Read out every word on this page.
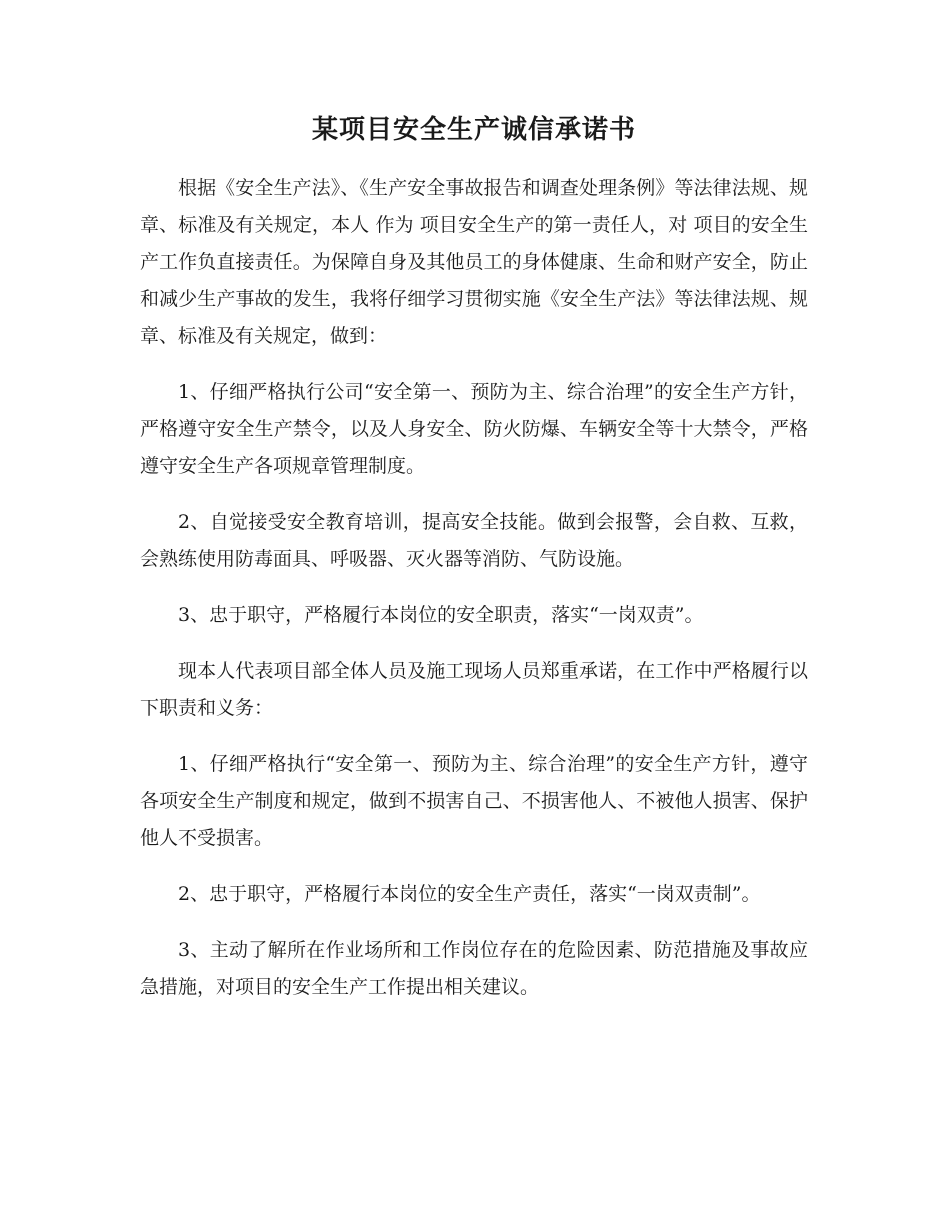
某项目安全生产诚信承诺书

根据《安全生产法》、《生产安全事故报告和调查处理条例》等法律法规、规章、标准及有关规定，本人 作为 项目安全生产的第一责任人，对 项目的安全生产工作负直接责任。为保障自身及其他员工的身体健康、生命和财产安全，防止和减少生产事故的发生，我将仔细学习贯彻实施《安全生产法》等法律法规、规章、标准及有关规定，做到：

1、仔细严格执行公司“安全第一、预防为主、综合治理”的安全生产方针，严格遵守安全生产禁令，以及人身安全、防火防爆、车辆安全等十大禁令，严格遵守安全生产各项规章管理制度。

2、自觉接受安全教育培训，提高安全技能。做到会报警，会自救、互救，会熟练使用防毒面具、呼吸器、灭火器等消防、气防设施。

3、忠于职守，严格履行本岗位的安全职责，落实“一岗双责”。

现本人代表项目部全体人员及施工现场人员郑重承诺，在工作中严格履行以下职责和义务：

1、仔细严格执行“安全第一、预防为主、综合治理”的安全生产方针，遵守各项安全生产制度和规定，做到不损害自己、不损害他人、不被他人损害、保护他人不受损害。

2、忠于职守，严格履行本岗位的安全生产责任，落实“一岗双责制”。

3、主动了解所在作业场所和工作岗位存在的危险因素、防范措施及事故应急措施，对项目的安全生产工作提出相关建议。
